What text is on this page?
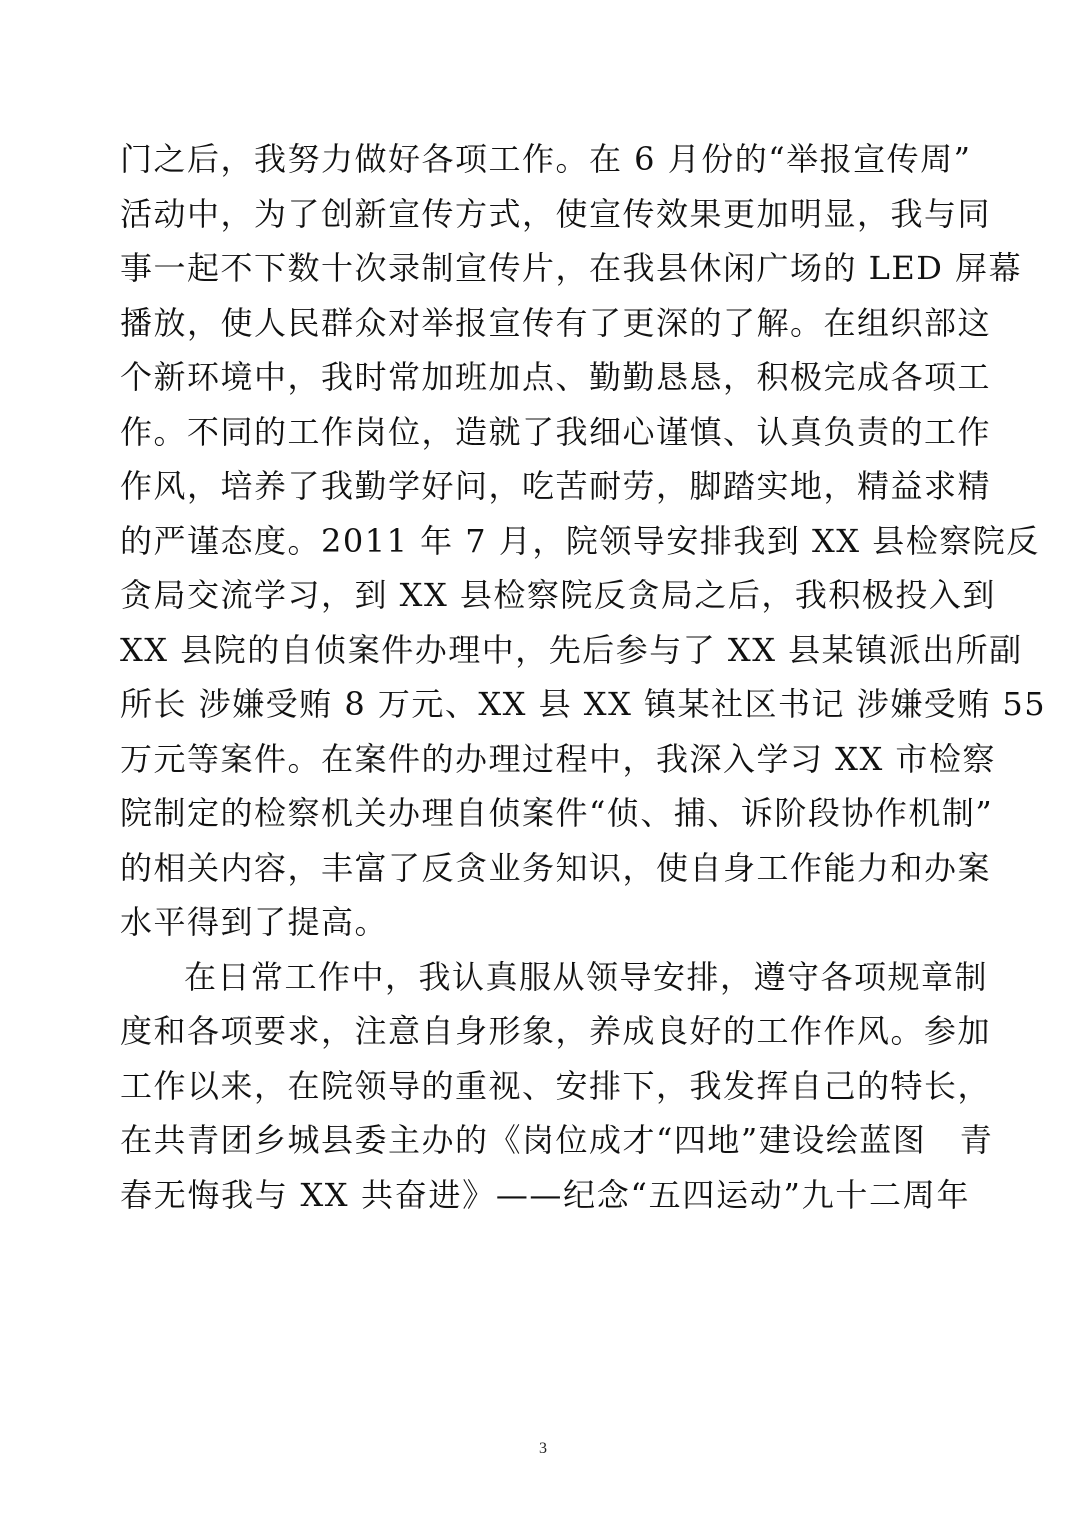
门之后，我努力做好各项工作。在 6 月份的“举报宣传周”
活动中，为了创新宣传方式，使宣传效果更加明显，我与同
事一起不下数十次录制宣传片，在我县休闲广场的 LED 屏幕
播放，使人民群众对举报宣传有了更深的了解。在组织部这
个新环境中，我时常加班加点、勤勤恳恳，积极完成各项工
作。不同的工作岗位，造就了我细心谨慎、认真负责的工作
作风，培养了我勤学好问，吃苦耐劳，脚踏实地，精益求精
的严谨态度。2011 年 7 月，院领导安排我到 XX 县检察院反
贪局交流学习，到 XX 县检察院反贪局之后，我积极投入到
XX 县院的自侦案件办理中，先后参与了 XX 县某镇派出所副
所长 涉嫌受贿 8 万元、XX 县 XX 镇某社区书记 涉嫌受贿 55
万元等案件。在案件的办理过程中，我深入学习 XX 市检察
院制定的检察机关办理自侦案件“侦、捕、诉阶段协作机制”
的相关内容，丰富了反贪业务知识，使自身工作能力和办案
水平得到了提高。
在日常工作中，我认真服从领导安排，遵守各项规章制
度和各项要求，注意自身形象，养成良好的工作作风。参加
工作以来，在院领导的重视、安排下，我发挥自己的特长，
在共青团乡城县委主办的《岗位成才“四地”建设绘蓝图　青
春无悔我与 XX 共奋进》——纪念“五四运动”九十二周年
3
